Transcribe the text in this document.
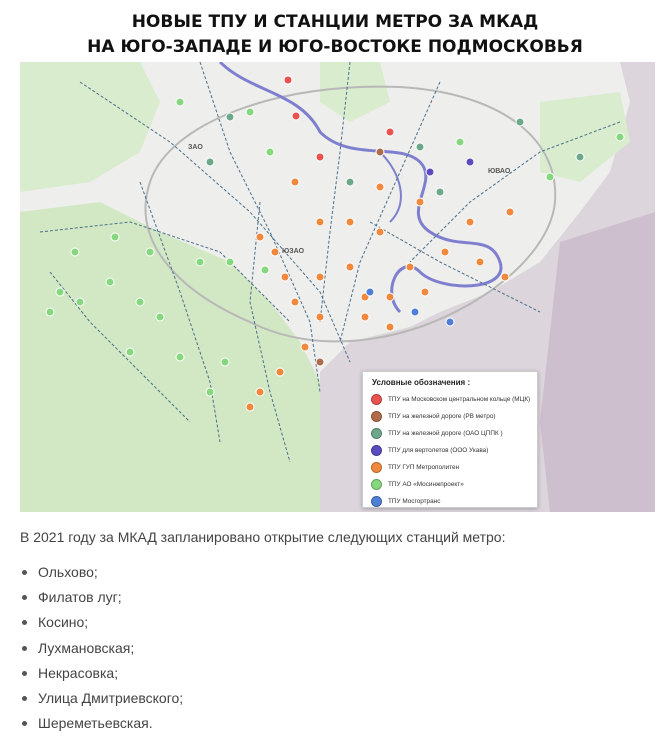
НОВЫЕ ТПУ И СТАНЦИИ МЕТРО ЗА МКАД
НА ЮГО-ЗАПАДЕ И ЮГО-ВОСТОКЕ ПОДМОСКОВЬЯ
ЗАО
ЮЗАО
ЮВАО
Условные обозначения :
ТПУ на Московском центральном кольце (МЦК)
ТПУ на железной дороге (РВ метро)
ТПУ на железной дороге (ОАО ЦППК )
ТПУ для вертолетов (ООО Укава)
ТПУ ГУП Метрополитен
ТПУ АО «Мосинжпроект»
ТПУ Мосгортранс
В 2021 году за МКАД запланировано открытие следующих станций метро:
Ольхово;
Филатов луг;
Косино;
Лухмановская;
Некрасовка;
Улица Дмитриевского;
Шереметьевская.
